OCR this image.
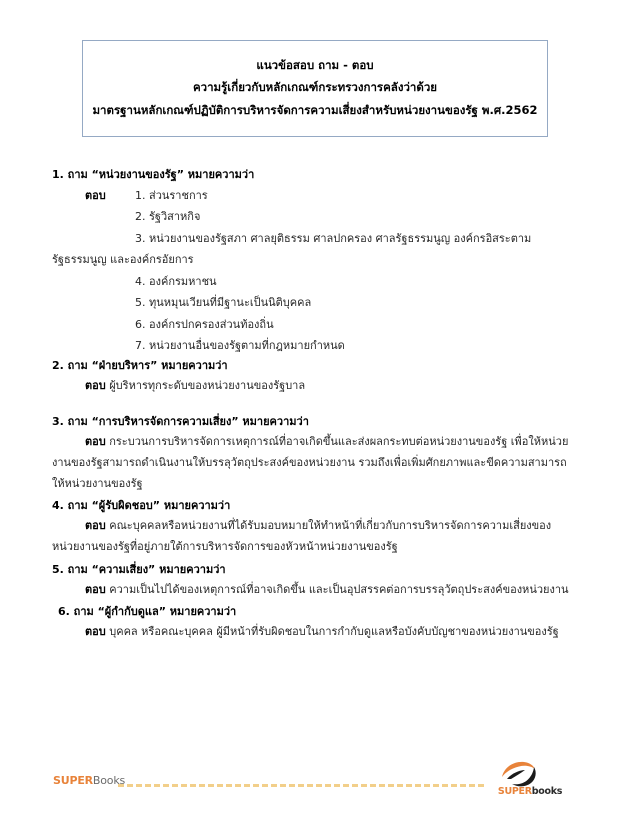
แนวข้อสอบ ถาม - ตอบ
ความรู้เกี่ยวกับหลักเกณฑ์กระทรวงการคลังว่าด้วย
มาตรฐานหลักเกณฑ์ปฏิบัติการบริหารจัดการความเสี่ยงสำหรับหน่วยงานของรัฐ พ.ศ.2562
1. ถาม “หน่วยงานของรัฐ” หมายความว่า
ตอบ	1. ส่วนราชการ
2. รัฐวิสาหกิจ
3. หน่วยงานของรัฐสภา ศาลยุติธรรม ศาลปกครอง ศาลรัฐธรรมนูญ องค์กรอิสระตาม
รัฐธรรมนูญ และองค์กรอัยการ
4. องค์กรมหาชน
5. ทุนหมุนเวียนที่มีฐานะเป็นนิติบุคคล
6. องค์กรปกครองส่วนท้องถิ่น
7. หน่วยงานอื่นของรัฐตามที่กฎหมายกำหนด
2. ถาม “ฝ่ายบริหาร” หมายความว่า

ตอบ ผู้บริหารทุกระดับของหน่วยงานของรัฐบาล

3. ถาม “การบริหารจัดการความเสี่ยง” หมายความว่า

ตอบ กระบวนการบริหารจัดการเหตุการณ์ที่อาจเกิดขึ้นและส่งผลกระทบต่อหน่วยงานของรัฐ เพื่อให้หน่วยงานของรัฐสามารถดำเนินงานให้บรรลุวัตถุประสงค์ของหน่วยงาน รวมถึงเพื่อเพิ่มศักยภาพและขีดความสามารถให้หน่วยงานของรัฐ

4. ถาม “ผู้รับผิดชอบ” หมายความว่า

ตอบ คณะบุคคลหรือหน่วยงานที่ได้รับมอบหมายให้ทำหน้าที่เกี่ยวกับการบริหารจัดการความเสี่ยงของหน่วยงานของรัฐที่อยู่ภายใต้การบริหารจัดการของหัวหน้าหน่วยงานของรัฐ

5. ถาม “ความเสี่ยง” หมายความว่า

ตอบ ความเป็นไปได้ของเหตุการณ์ที่อาจเกิดขึ้น และเป็นอุปสรรคต่อการบรรลุวัตถุประสงค์ของหน่วยงาน

6. ถาม “ผู้กำกับดูแล” หมายความว่า

ตอบ บุคคล หรือคณะบุคคล ผู้มีหน้าที่รับผิดชอบในการกำกับดูแลหรือบังคับบัญชาของหน่วยงานของรัฐ

SUPERBooks
SUPERbooks
